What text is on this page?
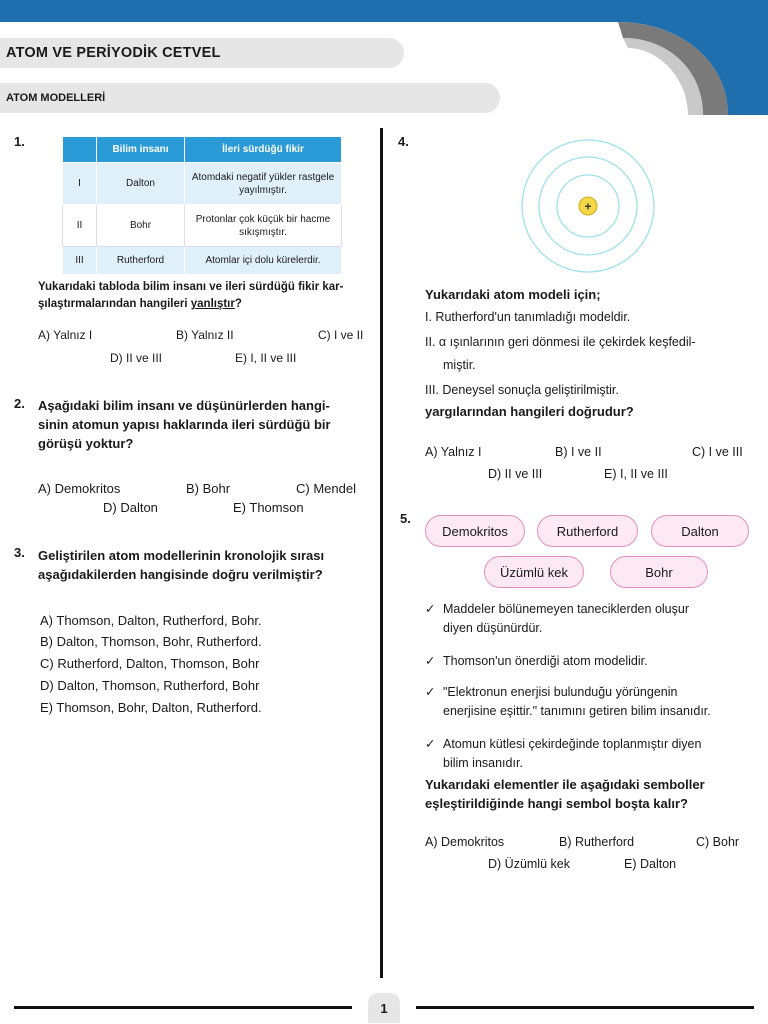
ATOM VE PERİYODİK CETVEL
ATOM MODELLERİ
1.
	Bilim insanı	İleri sürdüğü fikir
I	Dalton	Atomdaki negatif yükler rastgele yayılmıştır.
II	Bohr	Protonlar çok küçük bir hacme sıkışmıştır.
III	Rutherford	Atomlar içi dolu kürelerdir.
Yukarıdaki tabloda bilim insanı ve ileri sürdüğü fikir kar-
şılaştırmalarından hangileri yanlıştır?
A) Yalnız I	B) Yalnız II	C) I ve II
D) II ve III	E) I, II ve III
2. Aşağıdaki bilim insanı ve düşünürlerden hangi-
sinin atomun yapısı haklarında ileri sürdüğü bir
görüşü yoktur?
A) Demokritos	B) Bohr	C) Mendel
D) Dalton	E) Thomson
3. Geliştirilen atom modellerinin kronolojik sırası
aşağıdakilerden hangisinde doğru verilmiştir?
A) Thomson, Dalton, Rutherford, Bohr.
B) Dalton, Thomson, Bohr, Rutherford.
C) Rutherford, Dalton, Thomson, Bohr
D) Dalton, Thomson, Rutherford, Bohr
E) Thomson, Bohr, Dalton, Rutherford.
4.
+
Yukarıdaki atom modeli için;
I. Rutherford'un tanımladığı modeldir.
II. α ışınlarının geri dönmesi ile çekirdek keşfedil-
miştir.
III. Deneysel sonuçla geliştirilmiştir.
yargılarından hangileri doğrudur?
A) Yalnız I	B) I ve II	C) I ve III
D) II ve III	E) I, II ve III
5.
Demokritos	Rutherford	Dalton
Üzümlü kek	Bohr
✓ Maddeler bölünemeyen taneciklerden oluşur
diyen düşünürdür.
✓ Thomson'un önerdiği atom modelidir.
✓ "Elektronun enerjisi bulunduğu yörüngenin
enerjisine eşittir." tanımını getiren bilim insanıdır.
✓ Atomun kütlesi çekirdeğinde toplanmıştır diyen
bilim insanıdır.
Yukarıdaki elementler ile aşağıdaki semboller
eşleştirildiğinde hangi sembol boşta kalır?
A) Demokritos	B) Rutherford	C) Bohr
D) Üzümlü kek	E) Dalton
1
